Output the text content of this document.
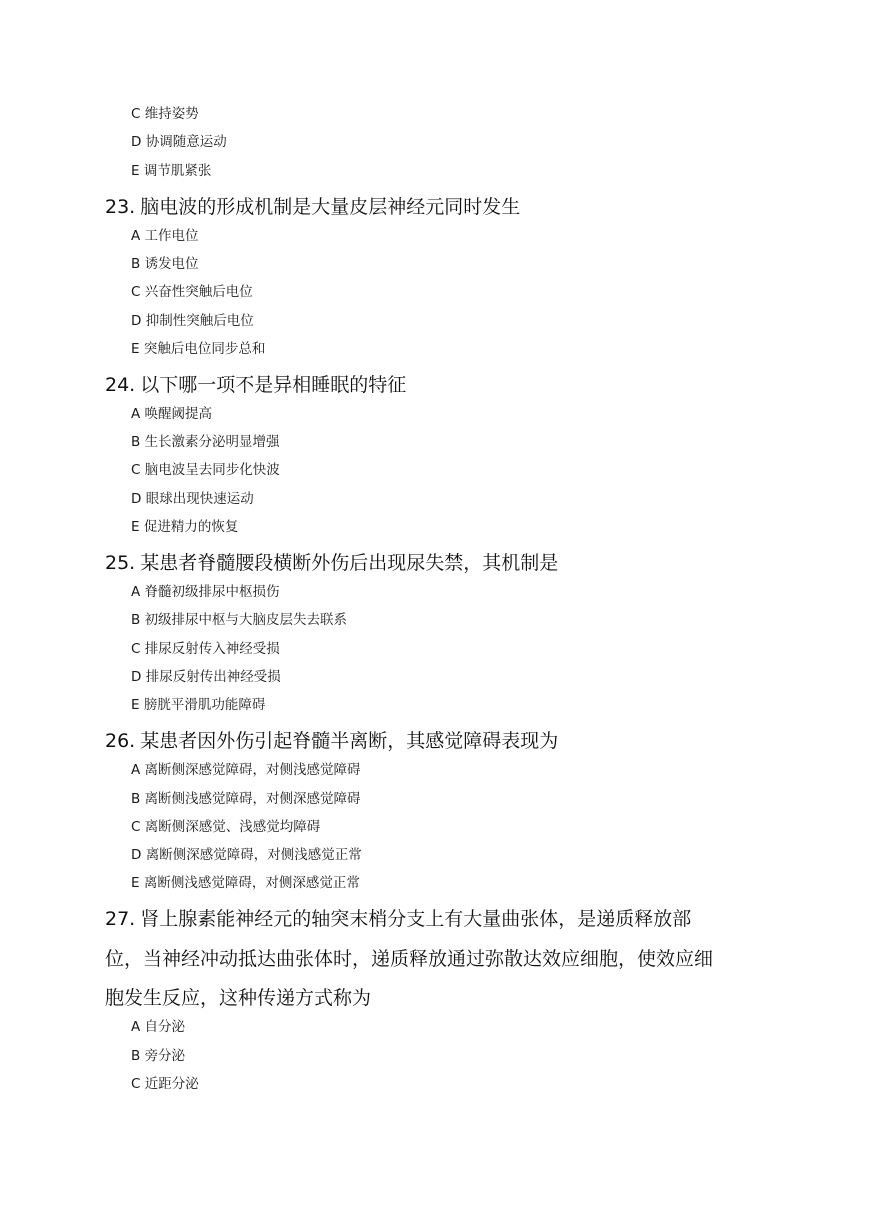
C 维持姿势
D 协调随意运动
E 调节肌紧张
23. 脑电波的形成机制是大量皮层神经元同时发生
A 工作电位
B 诱发电位
C 兴奋性突触后电位
D 抑制性突触后电位
E 突触后电位同步总和
24. 以下哪一项不是异相睡眠的特征
A 唤醒阈提高
B 生长激素分泌明显增强
C 脑电波呈去同步化快波
D 眼球出现快速运动
E 促进精力的恢复
25. 某患者脊髓腰段横断外伤后出现尿失禁，其机制是
A 脊髓初级排尿中枢损伤
B 初级排尿中枢与大脑皮层失去联系
C 排尿反射传入神经受损
D 排尿反射传出神经受损
E 膀胱平滑肌功能障碍
26. 某患者因外伤引起脊髓半离断，其感觉障碍表现为
A 离断侧深感觉障碍，对侧浅感觉障碍
B 离断侧浅感觉障碍，对侧深感觉障碍
C 离断侧深感觉、浅感觉均障碍
D 离断侧深感觉障碍，对侧浅感觉正常
E 离断侧浅感觉障碍，对侧深感觉正常
27. 肾上腺素能神经元的轴突末梢分支上有大量曲张体，是递质释放部
位，当神经冲动抵达曲张体时，递质释放通过弥散达效应细胞，使效应细
胞发生反应，这种传递方式称为
A 自分泌
B 旁分泌
C 近距分泌
